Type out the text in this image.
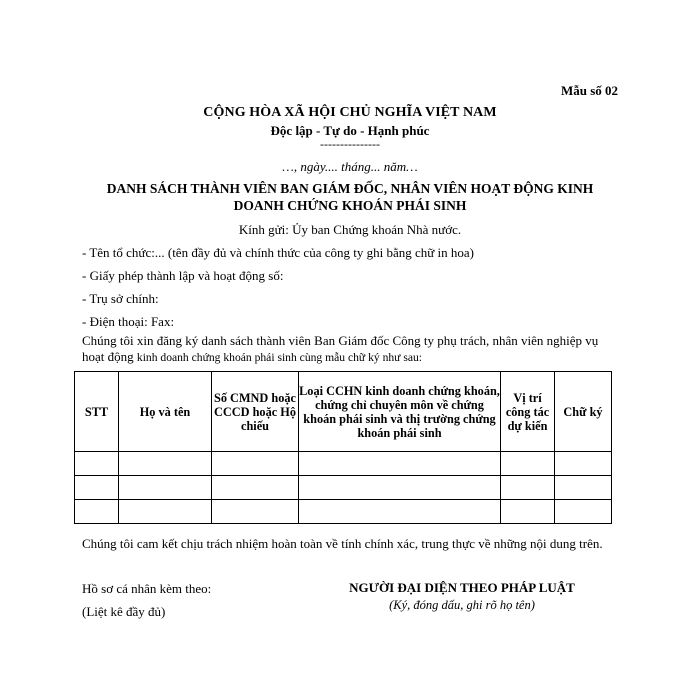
Mẫu số 02
CỘNG HÒA XÃ HỘI CHỦ NGHĨA VIỆT NAM
Độc lập - Tự do - Hạnh phúc
---------------
…, ngày.... tháng... năm…
DANH SÁCH THÀNH VIÊN BAN GIÁM ĐỐC, NHÂN VIÊN HOẠT ĐỘNG KINH DOANH CHỨNG KHOÁN PHÁI SINH
Kính gửi: Ủy ban Chứng khoán Nhà nước.
- Tên tổ chức:... (tên đầy đủ và chính thức của công ty ghi bằng chữ in hoa)
- Giấy phép thành lập và hoạt động số:
- Trụ sở chính:
- Điện thoại: Fax:
Chúng tôi xin đăng ký danh sách thành viên Ban Giám đốc Công ty phụ trách, nhân viên nghiệp vụ hoạt động kinh doanh chứng khoán phái sinh cùng mẫu chữ ký như sau:
STT	Họ và tên	Số CMND hoặc CCCD hoặc Hộ chiếu	Loại CCHN kinh doanh chứng khoán, chứng chỉ chuyên môn về chứng khoán phái sinh và thị trường chứng khoán phái sinh	Vị trí công tác dự kiến	Chữ ký

Chúng tôi cam kết chịu trách nhiệm hoàn toàn về tính chính xác, trung thực về những nội dung trên.
Hồ sơ cá nhân kèm theo:
(Liệt kê đầy đủ)
NGƯỜI ĐẠI DIỆN THEO PHÁP LUẬT
(Ký, đóng dấu, ghi rõ họ tên)
